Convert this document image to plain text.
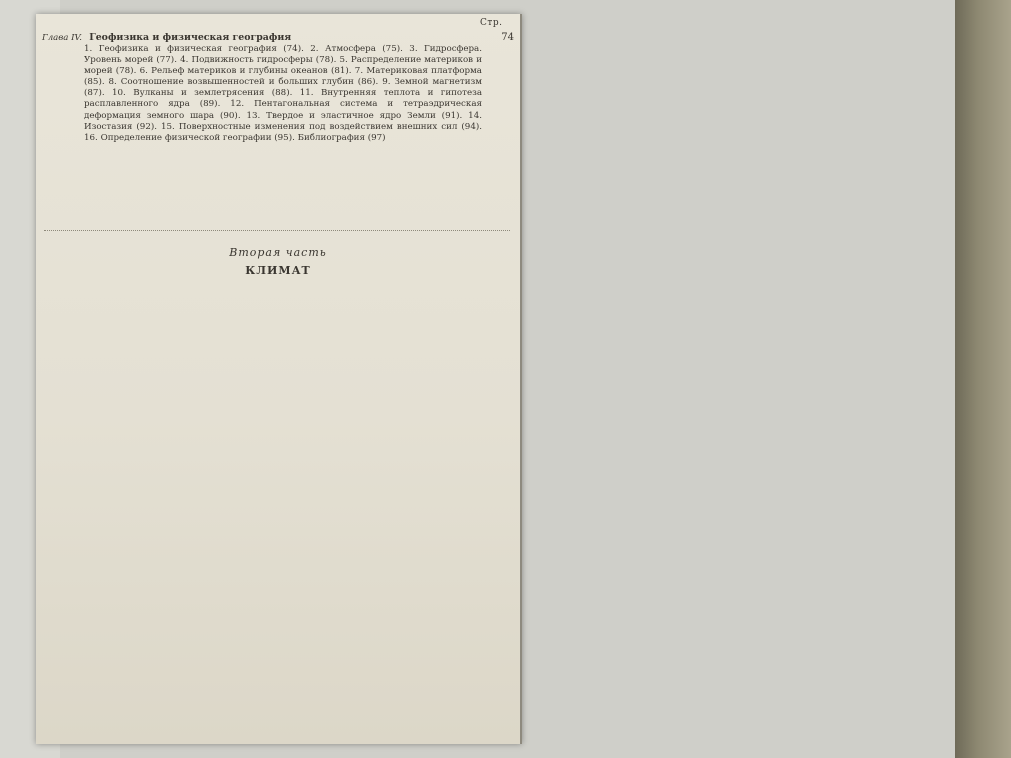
Стр.
Глава IV. Геофизика и физическая география	74
1. Геофизика и физическая география (74). 2. Атмосфера (75). 3. Гидросфера. Уровень морей (77). 4. Подвижность гидросферы (78). 5. Распределение материков и морей (78). 6. Рельеф материков и глубины океанов (81). 7. Материковая платформа (85). 8. Соотношение возвышенностей и больших глубин (86). 9. Земной магнетизм (87). 10. Вулканы и землетрясения (88). 11. Внутренняя теплота и гипотеза расплавленного ядра (89). 12. Пентагональная система и тетраэдрическая деформация земного шара (90). 13. Твердое и эластичное ядро Земли (91). 14. Изостазия (92). 15. Поверхностные изменения под воздействием внешних сил (94). 16. Определение физической географии (95). Библиография (97)
Вторая часть
КЛИМАТ
